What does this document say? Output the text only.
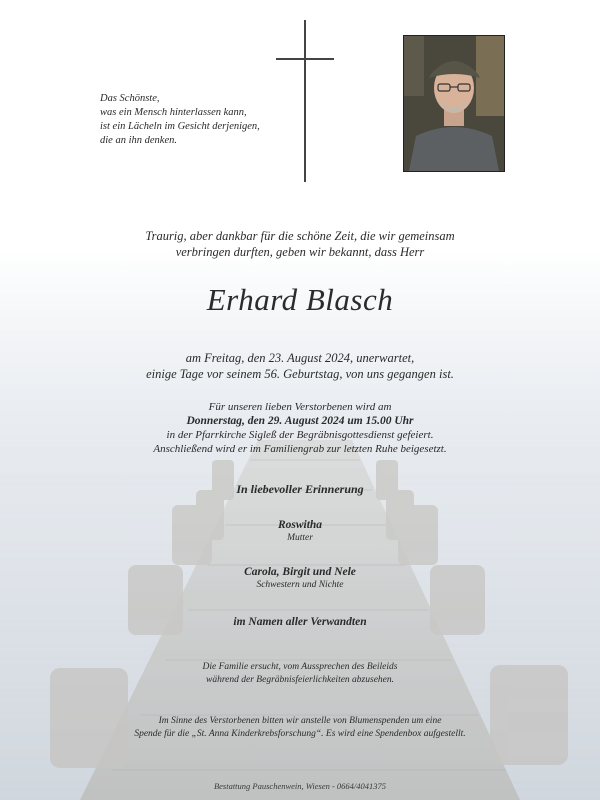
Das Schönste,
was ein Mensch hinterlassen kann,
ist ein Lächeln im Gesicht derjenigen,
die an ihn denken.
Traurig, aber dankbar für die schöne Zeit, die wir gemeinsam
verbringen durften, geben wir bekannt, dass Herr
Erhard Blasch
am Freitag, den 23. August 2024, unerwartet,
einige Tage vor seinem 56. Geburtstag, von uns gegangen ist.
Für unseren lieben Verstorbenen wird am
Donnerstag, den 29. August 2024 um 15.00 Uhr
in der Pfarrkirche Sigleß der Begräbnisgottesdienst gefeiert.
Anschließend wird er im Familiengrab zur letzten Ruhe beigesetzt.
In liebevoller Erinnerung
Roswitha
Mutter
Carola, Birgit und Nele
Schwestern und Nichte
im Namen aller Verwandten
Die Familie ersucht, vom Aussprechen des Beileids
während der Begräbnisfeierlichkeiten abzusehen.
Im Sinne des Verstorbenen bitten wir anstelle von Blumenspenden um eine
Spende für die „St. Anna Kinderkrebsforschung“. Es wird eine Spendenbox aufgestellt.
Bestattung Pauschenwein, Wiesen - 0664/4041375
